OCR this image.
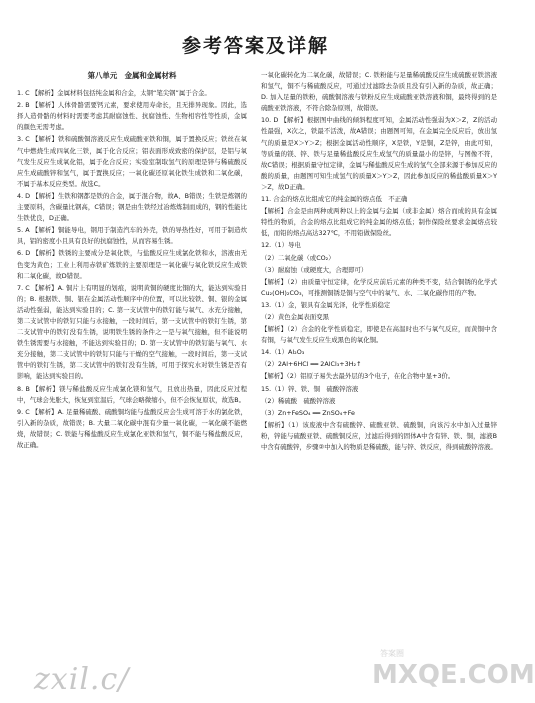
参考答案及详解
第八单元　金属和金属材料
1. C 【解析】金属材料包括纯金属和合金，太钢“笔尖钢”属于合金。
2. B 【解析】人体骨骼需要钙元素，要求使用寿命长，且无排异现象。因此，选择人造骨骼的材料时需要考虑其耐腐蚀性、抗腐蚀性、生物相容性等性质，金属的颜色无需考虑。
3. C 【解析】铁和硫酸铜溶液反应生成硫酸亚铁和铜，属于置换反应；铁丝在氧气中燃烧生成四氧化三铁，属于化合反应；铝表面形成致密的保护层，是铝与氧气发生反应生成氧化铝，属于化合反应；实验室制取氢气的原理是锌与稀硫酸反应生成硫酸锌和氢气，属于置换反应；一氧化碳还原氧化铁生成铁和二氧化碳，不属于基本反应类型。故选C。
4. D 【解析】生铁和钢都是铁的合金，属于混合物，故A、B错误；生铁是炼钢的主要原料，含碳量比钢高，C错误；钢是由生铁经过冶炼炼制而成的，钢的性能比生铁优良，D正确。
5. A 【解析】铜能导电，钢用于制造汽车的外壳，铁的导热性好，可用于制造炊具，铝的密度小且具有良好的抗腐蚀性，从而容易生锈。
6. D 【解析】铁锈的主要成分是氧化铁，与盐酸反应生成氯化铁和水，溶液由无色变为黄色；工业上利用赤铁矿炼铁的主要原理是一氧化碳与氧化铁反应生成铁和二氧化碳，故D错误。
7. C 【解析】A. 铜片上有明显的划痕，说明黄铜的硬度比铜的大，能达到实验目的；B. 根据铁、铜、银在金属活动性顺序中的位置，可以比较铁、铜、银的金属活动性强弱，能达到实验目的；C. 第一支试管中的铁钉能与氧气、水充分接触，第二支试管中的铁钉只能与水接触，一段时间后，第一支试管中的铁钉生锈，第二支试管中的铁钉没有生锈，说明铁生锈的条件之一是与氧气接触，但不能说明铁生锈需要与水接触，不能达到实验目的；D. 第一支试管中的铁钉能与氧气、水充分接触，第二支试管中的铁钉只能与干燥的空气接触，一段时间后，第一支试管中的铁钉生锈，第二支试管中的铁钉没有生锈，可用于探究水对铁生锈是否有影响，能达到实验目的。
8. B 【解析】镁与稀盐酸反应生成氯化镁和氢气，且放出热量，因此反应过程中，气球会先胀大，恢复到室温后，气球会略微缩小，但不会恢复原状，故选B。
9. C 【解析】A. 足量稀硫酸、硫酸铜均能与盐酸反应会生成可溶于水的氯化铁，引入新的杂质，故错误；B. 大量二氧化碳中混有少量一氧化碳，一氧化碳不能燃烧，故错误；C. 铁能与稀盐酸反应生成氯化亚铁和氢气，铜不能与稀盐酸反应，故正确。
一氧化碳转化为二氧化碳，故错误；C. 铁粉能与足量稀硫酸反应生成硫酸亚铁溶液和氢气，铜不与稀硫酸反应，可通过过滤除去杂质且没有引入新的杂质，故正确；D. 加入足量的铁粉，硫酸铜溶液与铁粉反应生成硫酸亚铁溶液和铜，最终得到的是硫酸亚铁溶液，不符合除杂原则，故错误。
10. D 【解析】根据图中曲线的倾斜程度可知，金属活动性强弱为X＞Z，Z的活动性最强，X次之，铁最不活泼，故A错误；由题图可知，在金属完全反应后，放出氢气的质量是X＞Y＞Z；根据金属活动性顺序，X是铁，Y是铜，Z是锌，由此可知，等质量的镁、锌、铁与足量稀盐酸反应生成氢气的质量最小的是锌，与图像不符，故C错误；根据质量守恒定律，金属与稀盐酸反应生成的氢气全部来源于参加反应的酸的质量，由题图可知生成氢气的质量X＞Y＞Z，因此参加反应的稀盐酸质量X＞Y＞Z，故D正确。
11. 合金的熔点比组成它的纯金属的熔点低　不正确
【解析】合金是由两种或两种以上的金属与金属（或非金属）熔合而成的具有金属特性的物质，合金的熔点比组成它的纯金属的熔点低；制作保险丝要求金属熔点较低，而铅的熔点高达327℃，不用铅做保险丝。
12.（1）导电
（2）二氧化碳（或CO₂）
（3）耐腐蚀（或硬度大，合理即可）
【解析】（2）由质量守恒定律，化学反应前后元素的种类不变，结合铜锈的化学式Cu₂(OH)₂CO₃，可推测铜锈是铜与空气中的氧气、水、二氧化碳作用的产物。
13.（1）金，银具有金属光泽，化学性质稳定
（2）黄色金属表面变黑
【解析】（2）合金的化学性质稳定，即使是在高温时也不与氧气反应，而黄铜中含有铜，与氧气发生反应生成黑色的氧化铜。
14.（1）Al₂O₃
（2）2Al+6HCl ══ 2AlCl₃+3H₂↑
【解析】（2）铝原子易失去最外层的3个电子，在化合物中显+3价。
15.（1）锌、铁、铜　硫酸锌溶液
（2）稀硫酸　硫酸锌溶液
（3）Zn+FeSO₄ ══ ZnSO₄+Fe
【解析】（1）该废液中含有硫酸锌、硫酸亚铁、硫酸铜，向该污水中加入过量锌粉，锌能与硫酸亚铁、硫酸铜反应，过滤后得到的固体A中含有锌、铁、铜，滤液B中含有硫酸锌，步骤②中加入的物质是稀硫酸，能与锌、铁反应，得到硫酸锌溶液。
zxil.c/
答案圈
MXQE.COM
